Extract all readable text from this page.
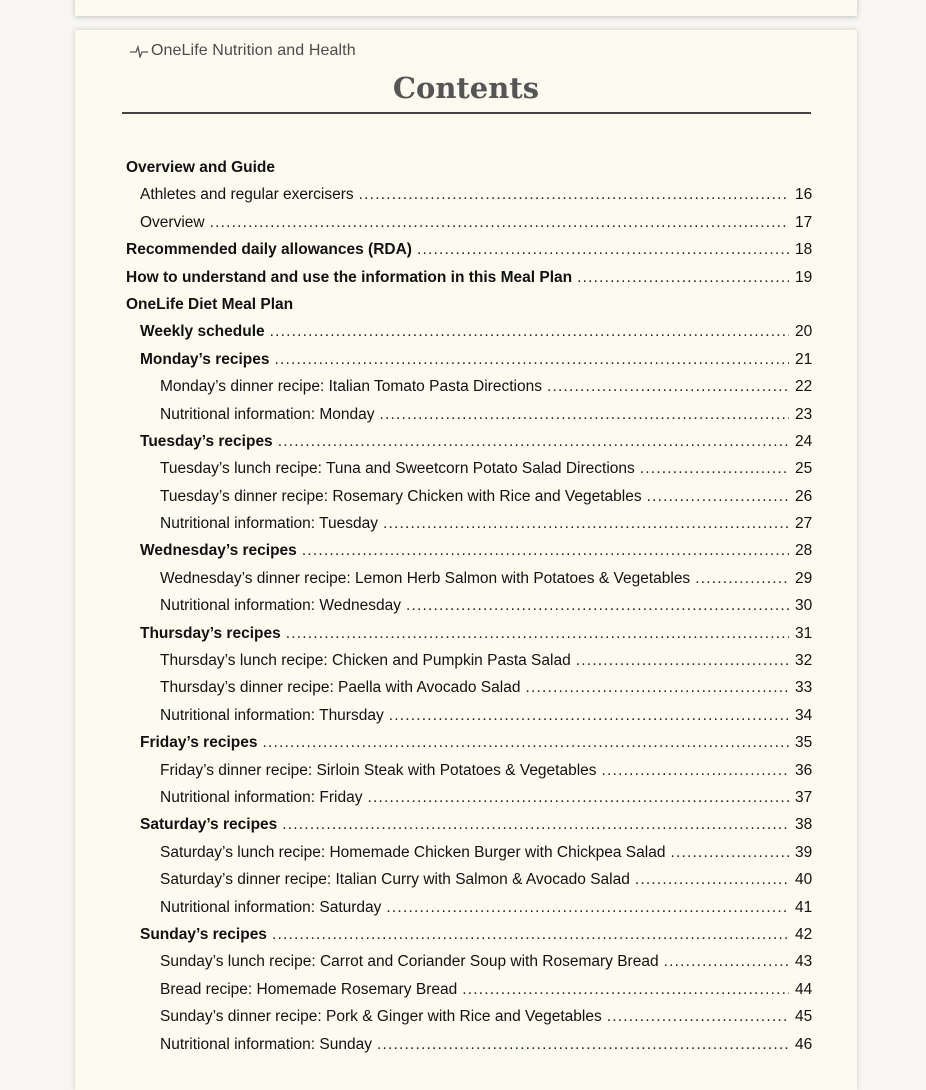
OneLife Nutrition and Health
Contents
Overview and Guide
Athletes and regular exercisers .....	16
Overview .....	17
Recommended daily allowances (RDA) .....	18
How to understand and use the information in this Meal Plan .....	19
OneLife Diet Meal Plan
Weekly schedule .....	20
Monday’s recipes .....	21
Monday’s dinner recipe: Italian Tomato Pasta Directions .....	22
Nutritional information: Monday .....	23
Tuesday’s recipes .....	24
Tuesday’s lunch recipe: Tuna and Sweetcorn Potato Salad Directions .....	25
Tuesday’s dinner recipe: Rosemary Chicken with Rice and Vegetables .....	26
Nutritional information: Tuesday .....	27
Wednesday’s recipes .....	28
Wednesday’s dinner recipe: Lemon Herb Salmon with Potatoes & Vegetables .....	29
Nutritional information: Wednesday .....	30
Thursday’s recipes .....	31
Thursday’s lunch recipe: Chicken and Pumpkin Pasta Salad .....	32
Thursday’s dinner recipe: Paella with Avocado Salad .....	33
Nutritional information: Thursday .....	34
Friday’s recipes .....	35
Friday’s dinner recipe: Sirloin Steak with Potatoes & Vegetables .....	36
Nutritional information: Friday .....	37
Saturday’s recipes .....	38
Saturday’s lunch recipe: Homemade Chicken Burger with Chickpea Salad .....	39
Saturday’s dinner recipe: Italian Curry with Salmon & Avocado Salad .....	40
Nutritional information: Saturday .....	41
Sunday’s recipes .....	42
Sunday’s lunch recipe: Carrot and Coriander Soup with Rosemary Bread .....	43
Bread recipe: Homemade Rosemary Bread .....	44
Sunday’s dinner recipe: Pork & Ginger with Rice and Vegetables .....	45
Nutritional information: Sunday .....	46
